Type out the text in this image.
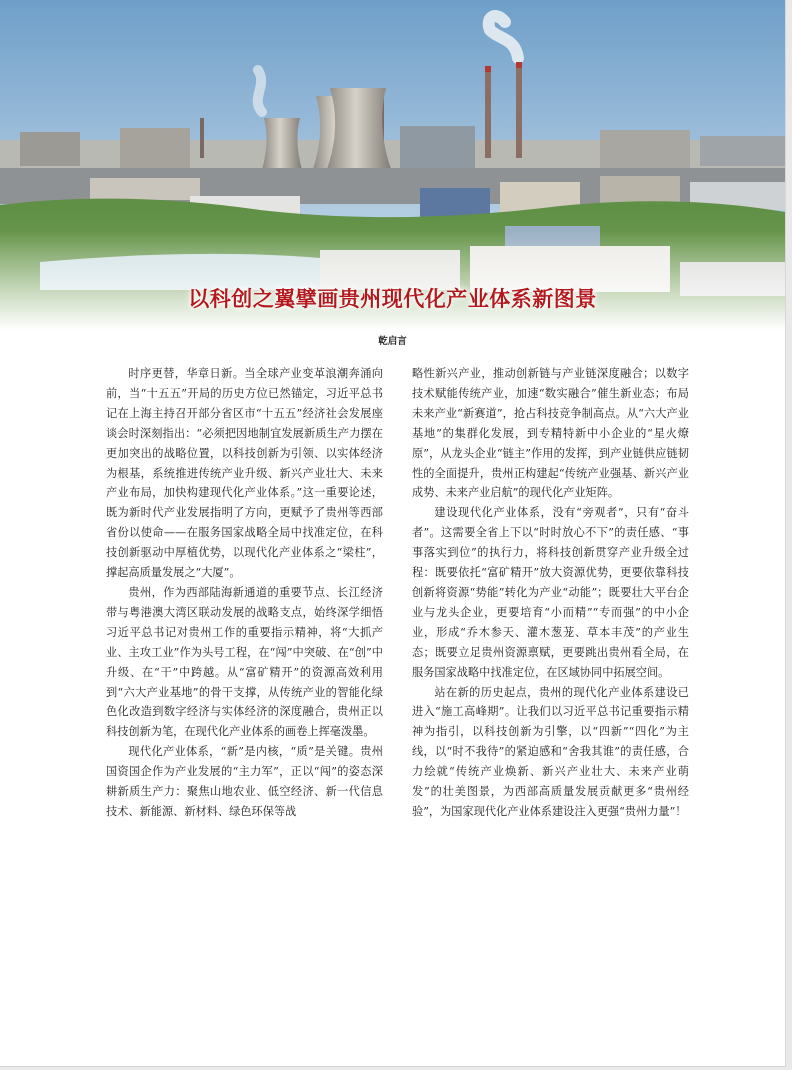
以科创之翼擘画贵州现代化产业体系新图景
乾启言

时序更替，华章日新。当全球产业变革浪潮奔涌向前，当“十五五”开局的历史方位已然锚定，习近平总书记在上海主持召开部分省区市“十五五”经济社会发展座谈会时深刻指出：“必须把因地制宜发展新质生产力摆在更加突出的战略位置，以科技创新为引领、以实体经济为根基，系统推进传统产业升级、新兴产业壮大、未来产业布局，加快构建现代化产业体系。”这一重要论述，既为新时代产业发展指明了方向，更赋予了贵州等西部省份以使命——在服务国家战略全局中找准定位，在科技创新驱动中厚植优势，以现代化产业体系之“梁柱”，撑起高质量发展之“大厦”。

贵州，作为西部陆海新通道的重要节点、长江经济带与粤港澳大湾区联动发展的战略支点，始终深学细悟习近平总书记对贵州工作的重要指示精神，将“大抓产业、主攻工业”作为头号工程，在“闯”中突破、在“创”中升级、在“干”中跨越。从“富矿精开”的资源高效利用到“六大产业基地”的骨干支撑，从传统产业的智能化绿色化改造到数字经济与实体经济的深度融合，贵州正以科技创新为笔，在现代化产业体系的画卷上挥毫泼墨。

现代化产业体系，“新”是内核，“质”是关键。贵州国资国企作为产业发展的“主力军”，正以“闯”的姿态深耕新质生产力：聚焦山地农业、低空经济、新一代信息技术、新能源、新材料、绿色环保等战

略性新兴产业，推动创新链与产业链深度融合；以数字技术赋能传统产业，加速“数实融合”催生新业态；布局未来产业“新赛道”，抢占科技竞争制高点。从“六大产业基地”的集群化发展，到专精特新中小企业的“星火燎原”，从龙头企业“链主”作用的发挥，到产业链供应链韧性的全面提升，贵州正构建起“传统产业强基、新兴产业成势、未来产业启航”的现代化产业矩阵。

建设现代化产业体系，没有“旁观者”，只有“奋斗者”。这需要全省上下以“时时放心不下”的责任感、“事事落实到位”的执行力，将科技创新贯穿产业升级全过程：既要依托“富矿精开”放大资源优势，更要依靠科技创新将资源“势能”转化为产业“动能”；既要壮大平台企业与龙头企业，更要培育“小而精”“专而强”的中小企业，形成“乔木参天、灌木葱茏、草本丰茂”的产业生态；既要立足贵州资源禀赋，更要跳出贵州看全局，在服务国家战略中找准定位，在区域协同中拓展空间。

站在新的历史起点，贵州的现代化产业体系建设已进入“施工高峰期”。让我们以习近平总书记重要指示精神为指引，以科技创新为引擎，以“四新”“四化”为主线，以“时不我待”的紧迫感和“舍我其谁”的责任感，合力绘就“传统产业焕新、新兴产业壮大、未来产业萌发”的壮美图景，为西部高质量发展贡献更多“贵州经验”，为国家现代化产业体系建设注入更强“贵州力量”！
